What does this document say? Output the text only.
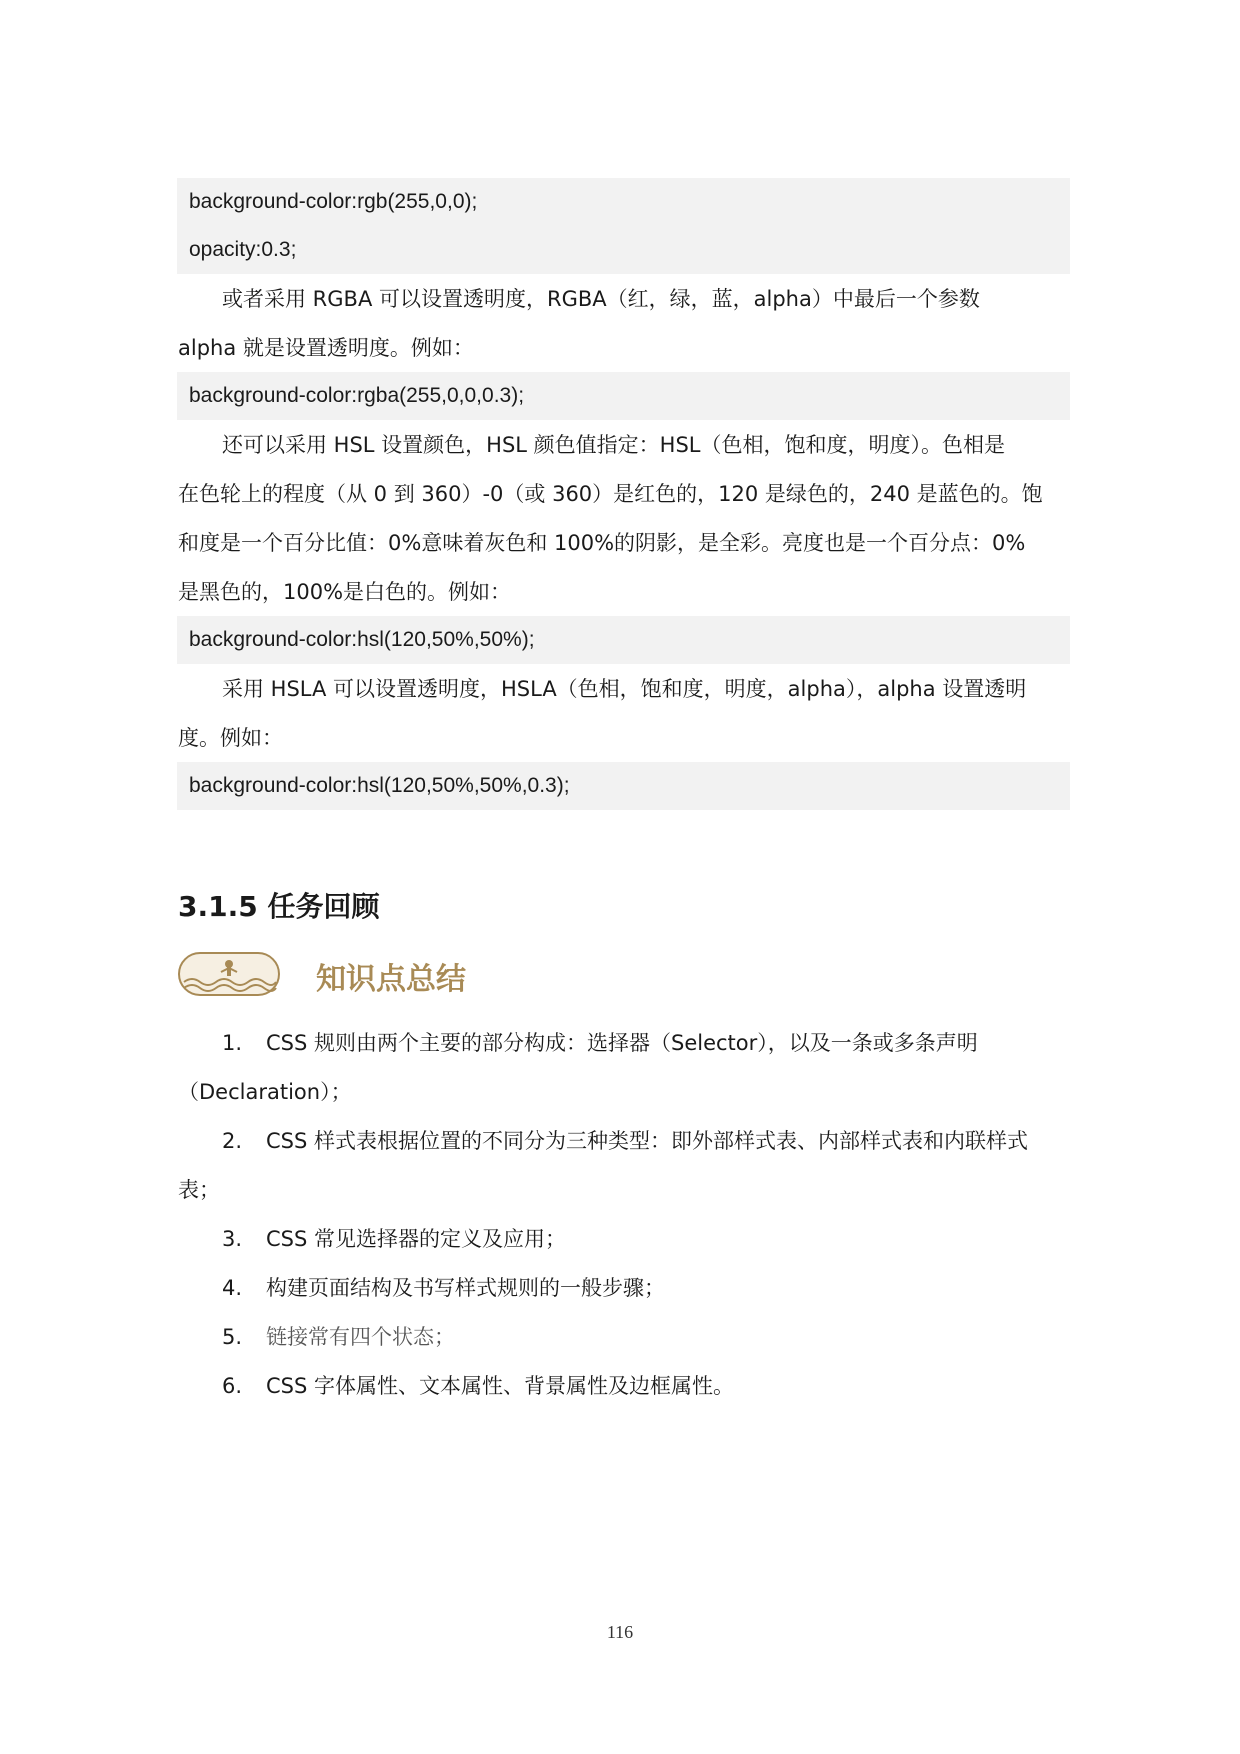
background-color:rgb(255,0,0);
opacity:0.3;
或者采用 RGBA 可以设置透明度，RGBA（红，绿，蓝，alpha）中最后一个参数
alpha 就是设置透明度。例如：
background-color:rgba(255,0,0,0.3);
还可以采用 HSL 设置颜色，HSL 颜色值指定：HSL（色相，饱和度，明度）。色相是
在色轮上的程度（从 0 到 360）-0（或 360）是红色的，120 是绿色的，240 是蓝色的。饱
和度是一个百分比值：0%意味着灰色和 100%的阴影，是全彩。亮度也是一个百分点：0%
是黑色的，100%是白色的。例如：
background-color:hsl(120,50%,50%);
采用 HSLA 可以设置透明度，HSLA（色相，饱和度，明度，alpha），alpha 设置透明
度。例如：
background-color:hsl(120,50%,50%,0.3);
3.1.5 任务回顾
知识点总结
1. CSS 规则由两个主要的部分构成：选择器（Selector），以及一条或多条声明
（Declaration）；
2. CSS 样式表根据位置的不同分为三种类型：即外部样式表、内部样式表和内联样式
表；
3. CSS 常见选择器的定义及应用；
4. 构建页面结构及书写样式规则的一般步骤；
5. 链接常有四个状态；
6. CSS 字体属性、文本属性、背景属性及边框属性。
116
